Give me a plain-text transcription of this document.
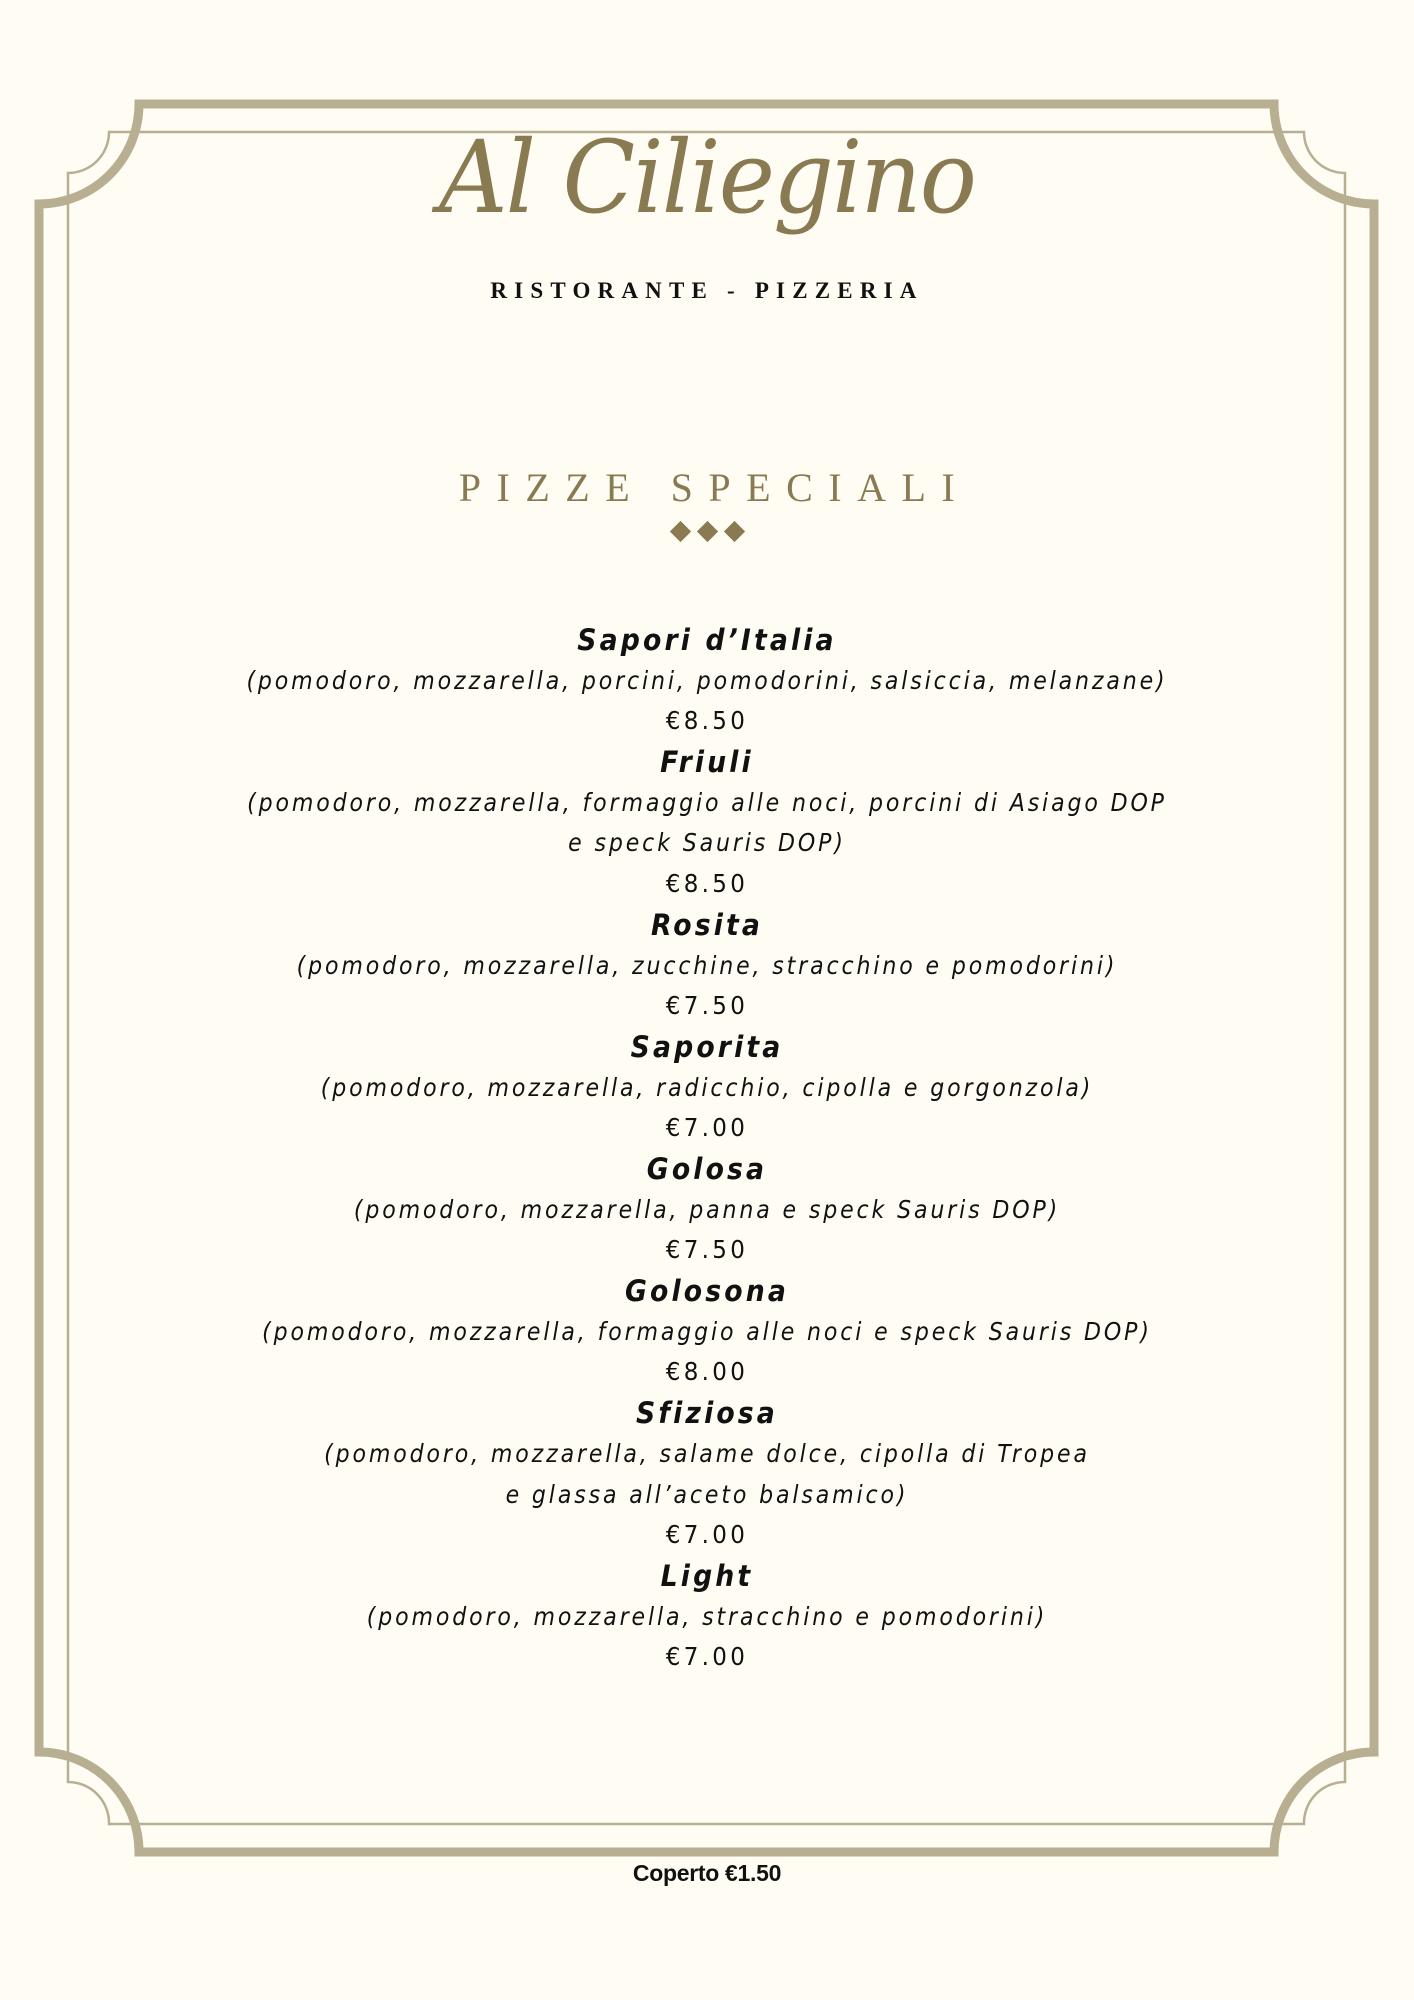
Al Ciliegino
RISTORANTE - PIZZERIA
PIZZE SPECIALI
Sapori d’Italia
(pomodoro, mozzarella, porcini, pomodorini, salsiccia, melanzane)
€8.50
Friuli
(pomodoro, mozzarella, formaggio alle noci, porcini di Asiago DOP
e speck Sauris DOP)
€8.50
Rosita
(pomodoro, mozzarella, zucchine, stracchino e pomodorini)
€7.50
Saporita
(pomodoro, mozzarella, radicchio, cipolla e gorgonzola)
€7.00
Golosa
(pomodoro, mozzarella, panna e speck Sauris DOP)
€7.50
Golosona
(pomodoro, mozzarella, formaggio alle noci e speck Sauris DOP)
€8.00
Sfiziosa
(pomodoro, mozzarella, salame dolce, cipolla di Tropea
e glassa all’aceto balsamico)
€7.00
Light
(pomodoro, mozzarella, stracchino e pomodorini)
€7.00
Coperto €1.50
